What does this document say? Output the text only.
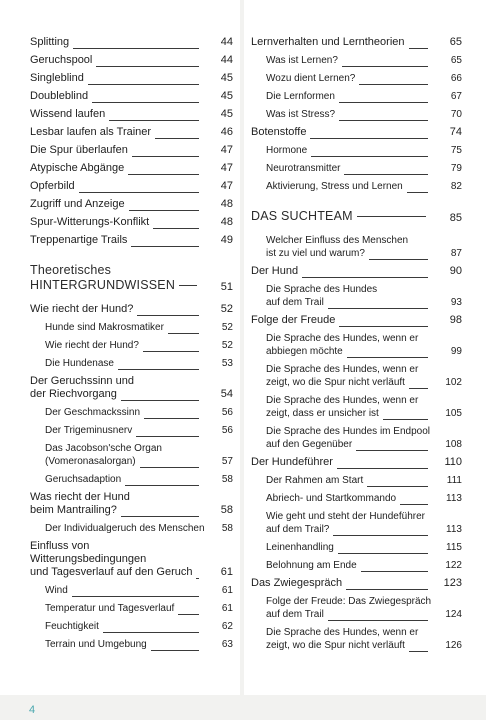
Splitting	44
Geruchspool	44
Singleblind	45
Doubleblind	45
Wissend laufen	45
Lesbar laufen als Trainer	46
Die Spur überlaufen	47
Atypische Abgänge	47
Opferbild	47
Zugriff und Anzeige	48
Spur-Witterungs-Konflikt	48
Treppenartige Trails	49
Theoretisches
HINTERGRUNDWISSEN	51
Wie riecht der Hund?	52
Hunde sind Makrosmatiker	52
Wie riecht der Hund?	52
Die Hundenase	53
Der Geruchssinn und
der Riechvorgang	54
Der Geschmackssinn	56
Der Trigeminusnerv	56
Das Jacobson'sche Organ
(Vomeronasalorgan)	57
Geruchsadaption	58
Was riecht der Hund
beim Mantrailing?	58
Der Individualgeruch des Menschen	58
Einfluss von Witterungsbedingungen
und Tagesverlauf auf den Geruch	61
Wind	61
Temperatur und Tagesverlauf	61
Feuchtigkeit	62
Terrain und Umgebung	63
Lernverhalten und Lerntheorien	65
Was ist Lernen?	65
Wozu dient Lernen?	66
Die Lernformen	67
Was ist Stress?	70
Botenstoffe	74
Hormone	75
Neurotransmitter	79
Aktivierung, Stress und Lernen	82
DAS SUCHTEAM	85
Welcher Einfluss des Menschen
ist zu viel und warum?	87
Der Hund	90
Die Sprache des Hundes
auf dem Trail	93
Folge der Freude	98
Die Sprache des Hundes, wenn er
abbiegen möchte	99
Die Sprache des Hundes, wenn er
zeigt, wo die Spur nicht verläuft	102
Die Sprache des Hundes, wenn er
zeigt, dass er unsicher ist	105
Die Sprache des Hundes im Endpool
auf den Gegenüber	108
Der Hundeführer	110
Der Rahmen am Start	111
Abriech- und Startkommando	113
Wie geht und steht der Hundeführer
auf dem Trail?	113
Leinenhandling	115
Belohnung am Ende	122
Das Zwiegespräch	123
Folge der Freude: Das Zwiegespräch
auf dem Trail	124
Die Sprache des Hundes, wenn er
zeigt, wo die Spur nicht verläuft	126
4
